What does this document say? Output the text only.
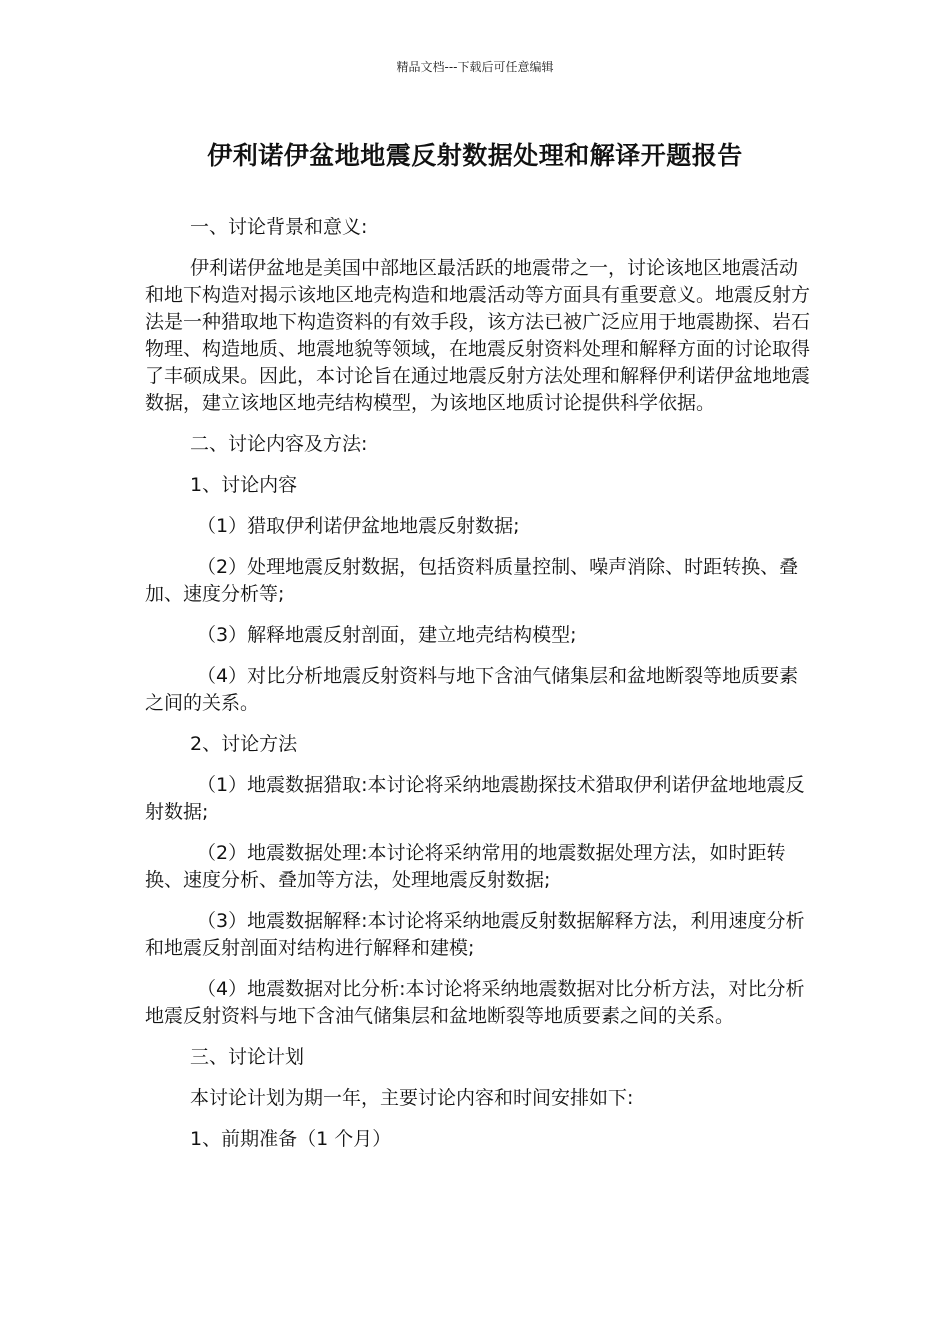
精品文档---下载后可任意编辑
伊利诺伊盆地地震反射数据处理和解译开题报告

一、讨论背景和意义:

伊利诺伊盆地是美国中部地区最活跃的地震带之一，讨论该地区地震活动和地下构造对揭示该地区地壳构造和地震活动等方面具有重要意义。地震反射方法是一种猎取地下构造资料的有效手段，该方法已被广泛应用于地震勘探、岩石物理、构造地质、地震地貌等领域，在地震反射资料处理和解释方面的讨论取得了丰硕成果。因此，本讨论旨在通过地震反射方法处理和解释伊利诺伊盆地地震数据，建立该地区地壳结构模型，为该地区地质讨论提供科学依据。

二、讨论内容及方法:

1、讨论内容

（1）猎取伊利诺伊盆地地震反射数据;

（2）处理地震反射数据，包括资料质量控制、噪声消除、时距转换、叠加、速度分析等;

（3）解释地震反射剖面，建立地壳结构模型;

（4）对比分析地震反射资料与地下含油气储集层和盆地断裂等地质要素之间的关系。

2、讨论方法

（1）地震数据猎取:本讨论将采纳地震勘探技术猎取伊利诺伊盆地地震反射数据;

（2）地震数据处理:本讨论将采纳常用的地震数据处理方法，如时距转换、速度分析、叠加等方法，处理地震反射数据;

（3）地震数据解释:本讨论将采纳地震反射数据解释方法，利用速度分析和地震反射剖面对结构进行解释和建模;

（4）地震数据对比分析:本讨论将采纳地震数据对比分析方法，对比分析地震反射资料与地下含油气储集层和盆地断裂等地质要素之间的关系。

三、讨论计划

本讨论计划为期一年，主要讨论内容和时间安排如下:

1、前期准备（1 个月）
